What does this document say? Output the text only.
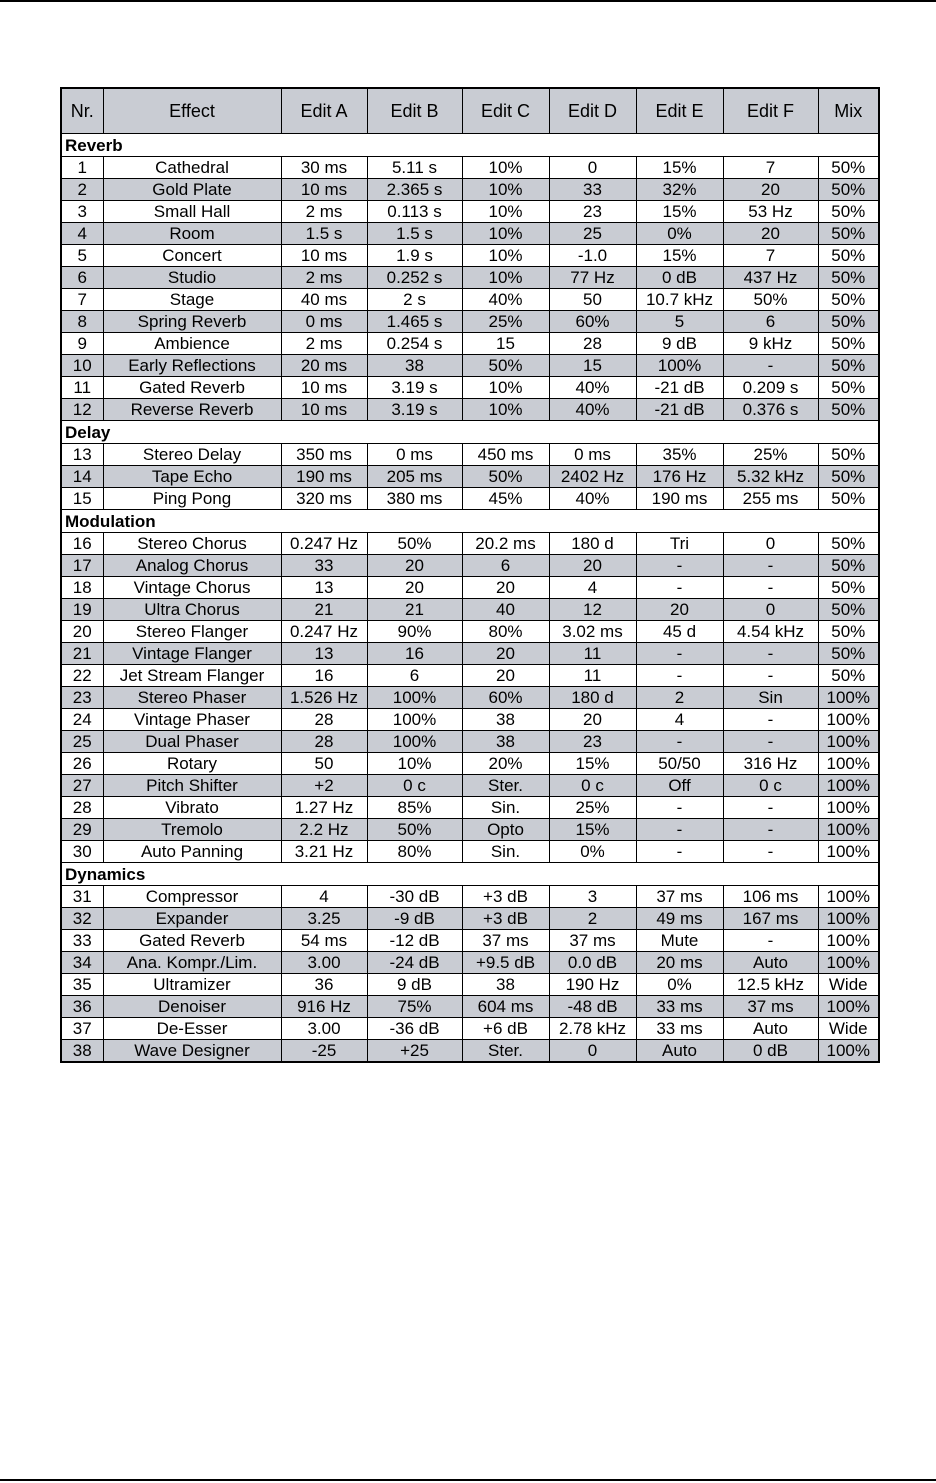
Nr.	Effect	Edit A	Edit B	Edit C	Edit D	Edit E	Edit F	Mix
Reverb								
1	Cathedral	30 ms	5.11 s	10%	0	15%	7	50%
2	Gold Plate	10 ms	2.365 s	10%	33	32%	20	50%
3	Small Hall	2 ms	0.113 s	10%	23	15%	53 Hz	50%
4	Room	1.5 s	1.5 s	10%	25	0%	20	50%
5	Concert	10 ms	1.9 s	10%	-1.0	15%	7	50%
6	Studio	2 ms	0.252 s	10%	77 Hz	0 dB	437 Hz	50%
7	Stage	40 ms	2 s	40%	50	10.7 kHz	50%	50%
8	Spring Reverb	0 ms	1.465 s	25%	60%	5	6	50%
9	Ambience	2 ms	0.254 s	15	28	9 dB	9 kHz	50%
10	Early Reflections	20 ms	38	50%	15	100%	-	50%
11	Gated Reverb	10 ms	3.19 s	10%	40%	-21 dB	0.209 s	50%
12	Reverse Reverb	10 ms	3.19 s	10%	40%	-21 dB	0.376 s	50%
Delay								
13	Stereo Delay	350 ms	0 ms	450 ms	0 ms	35%	25%	50%
14	Tape Echo	190 ms	205 ms	50%	2402 Hz	176 Hz	5.32 kHz	50%
15	Ping Pong	320 ms	380 ms	45%	40%	190 ms	255 ms	50%
Modulation								
16	Stereo Chorus	0.247 Hz	50%	20.2 ms	180 d	Tri	0	50%
17	Analog Chorus	33	20	6	20	-	-	50%
18	Vintage Chorus	13	20	20	4	-	-	50%
19	Ultra Chorus	21	21	40	12	20	0	50%
20	Stereo Flanger	0.247 Hz	90%	80%	3.02 ms	45 d	4.54 kHz	50%
21	Vintage Flanger	13	16	20	11	-	-	50%
22	Jet Stream Flanger	16	6	20	11	-	-	50%
23	Stereo Phaser	1.526 Hz	100%	60%	180 d	2	Sin	100%
24	Vintage Phaser	28	100%	38	20	4	-	100%
25	Dual Phaser	28	100%	38	23	-	-	100%
26	Rotary	50	10%	20%	15%	50/50	316 Hz	100%
27	Pitch Shifter	+2	0 c	Ster.	0 c	Off	0 c	100%
28	Vibrato	1.27 Hz	85%	Sin.	25%	-	-	100%
29	Tremolo	2.2 Hz	50%	Opto	15%	-	-	100%
30	Auto Panning	3.21 Hz	80%	Sin.	0%	-	-	100%
Dynamics								
31	Compressor	4	-30 dB	+3 dB	3	37 ms	106 ms	100%
32	Expander	3.25	-9 dB	+3 dB	2	49 ms	167 ms	100%
33	Gated Reverb	54 ms	-12 dB	37 ms	37 ms	Mute	-	100%
34	Ana. Kompr./Lim.	3.00	-24 dB	+9.5 dB	0.0 dB	20 ms	Auto	100%
35	Ultramizer	36	9 dB	38	190 Hz	0%	12.5 kHz	Wide
36	Denoiser	916 Hz	75%	604 ms	-48 dB	33 ms	37 ms	100%
37	De-Esser	3.00	-36 dB	+6 dB	2.78 kHz	33 ms	Auto	Wide
38	Wave Designer	-25	+25	Ster.	0	Auto	0 dB	100%
